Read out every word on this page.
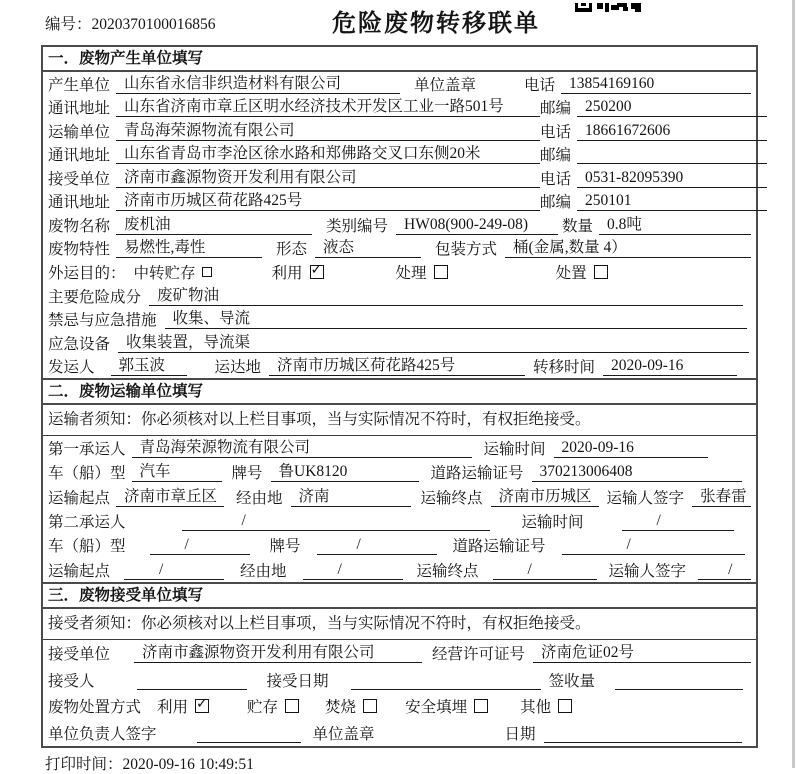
编号：2020370100016856	危险废物转移联单
一．废物产生单位填写
产生单位 山东省永信非织造材料有限公司	单位盖章	电话 13854169160
通讯地址 山东省济南市章丘区明水经济技术开发区工业一路501号	邮编 250200
运输单位 青岛海荣源物流有限公司	电话 18661672606
通讯地址 山东省青岛市李沧区徐水路和郑佛路交叉口东侧20米	邮编
接受单位 济南市鑫源物资开发利用有限公司	电话 0531-82095390
通讯地址 济南市历城区荷花路425号	邮编 250101
废物名称 废机油	类别编号	HW08(900-249-08)	数量 0.8吨
废物特性 易燃性,毒性	形态	液态	包装方式	桶(金属,数量 4）
外运目的： 中转贮存	利用 ✓	处理	处置
主要危险成分	废矿物油
禁忌与应急措施	收集、导流
应急设备	收集装置，导流渠
发运人	郭玉波	运达地	济南市历城区荷花路425号	转移时间	2020-09-16
二．废物运输单位填写
运输者须知：你必须核对以上栏目事项，当与实际情况不符时，有权拒绝接受。
第一承运人 青岛海荣源物流有限公司	运输时间	2020-09-16
车（船）型 汽车	牌号	鲁UK8120	道路运输证号	370213006408
运输起点 济南市章丘区	经由地	济南	运输终点	济南市历城区 运输人签字	张春雷
第二承运人	/	运输时间	/
车（船）型	/	牌号	/	道路运输证号	/
运输起点	/	经由地	/	运输终点	/	运输人签字	/
三．废物接受单位填写
接受者须知：你必须核对以上栏目事项，当与实际情况不符时，有权拒绝接受。
接受单位	济南市鑫源物资开发利用有限公司	经营许可证号	济南危证02号
接受人	接受日期	签收量
废物处置方式 利用 ✓	贮存	焚烧	安全填埋	其他
单位负责人签字	单位盖章	日期
打印时间：2020-09-16 10:49:51
